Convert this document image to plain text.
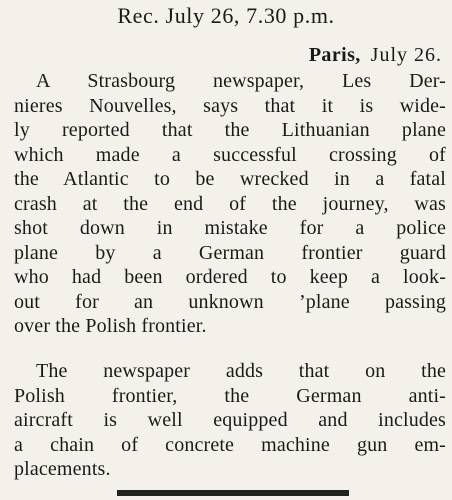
Rec. July 26, 7.30 p.m.
Paris, July 26.
A Strasbourg newspaper, Les Der-
nieres Nouvelles, says that it is wide-
ly reported that the Lithuanian plane
which made a successful crossing of
the Atlantic to be wrecked in a fatal
crash at the end of the journey, was
shot down in mistake for a police
plane by a German frontier guard
who had been ordered to keep a look-
out for an unknown ’plane passing
over the Polish frontier.
The newspaper adds that on the
Polish frontier, the German anti-
aircraft is well equipped and includes
a chain of concrete machine gun em-
placements.
